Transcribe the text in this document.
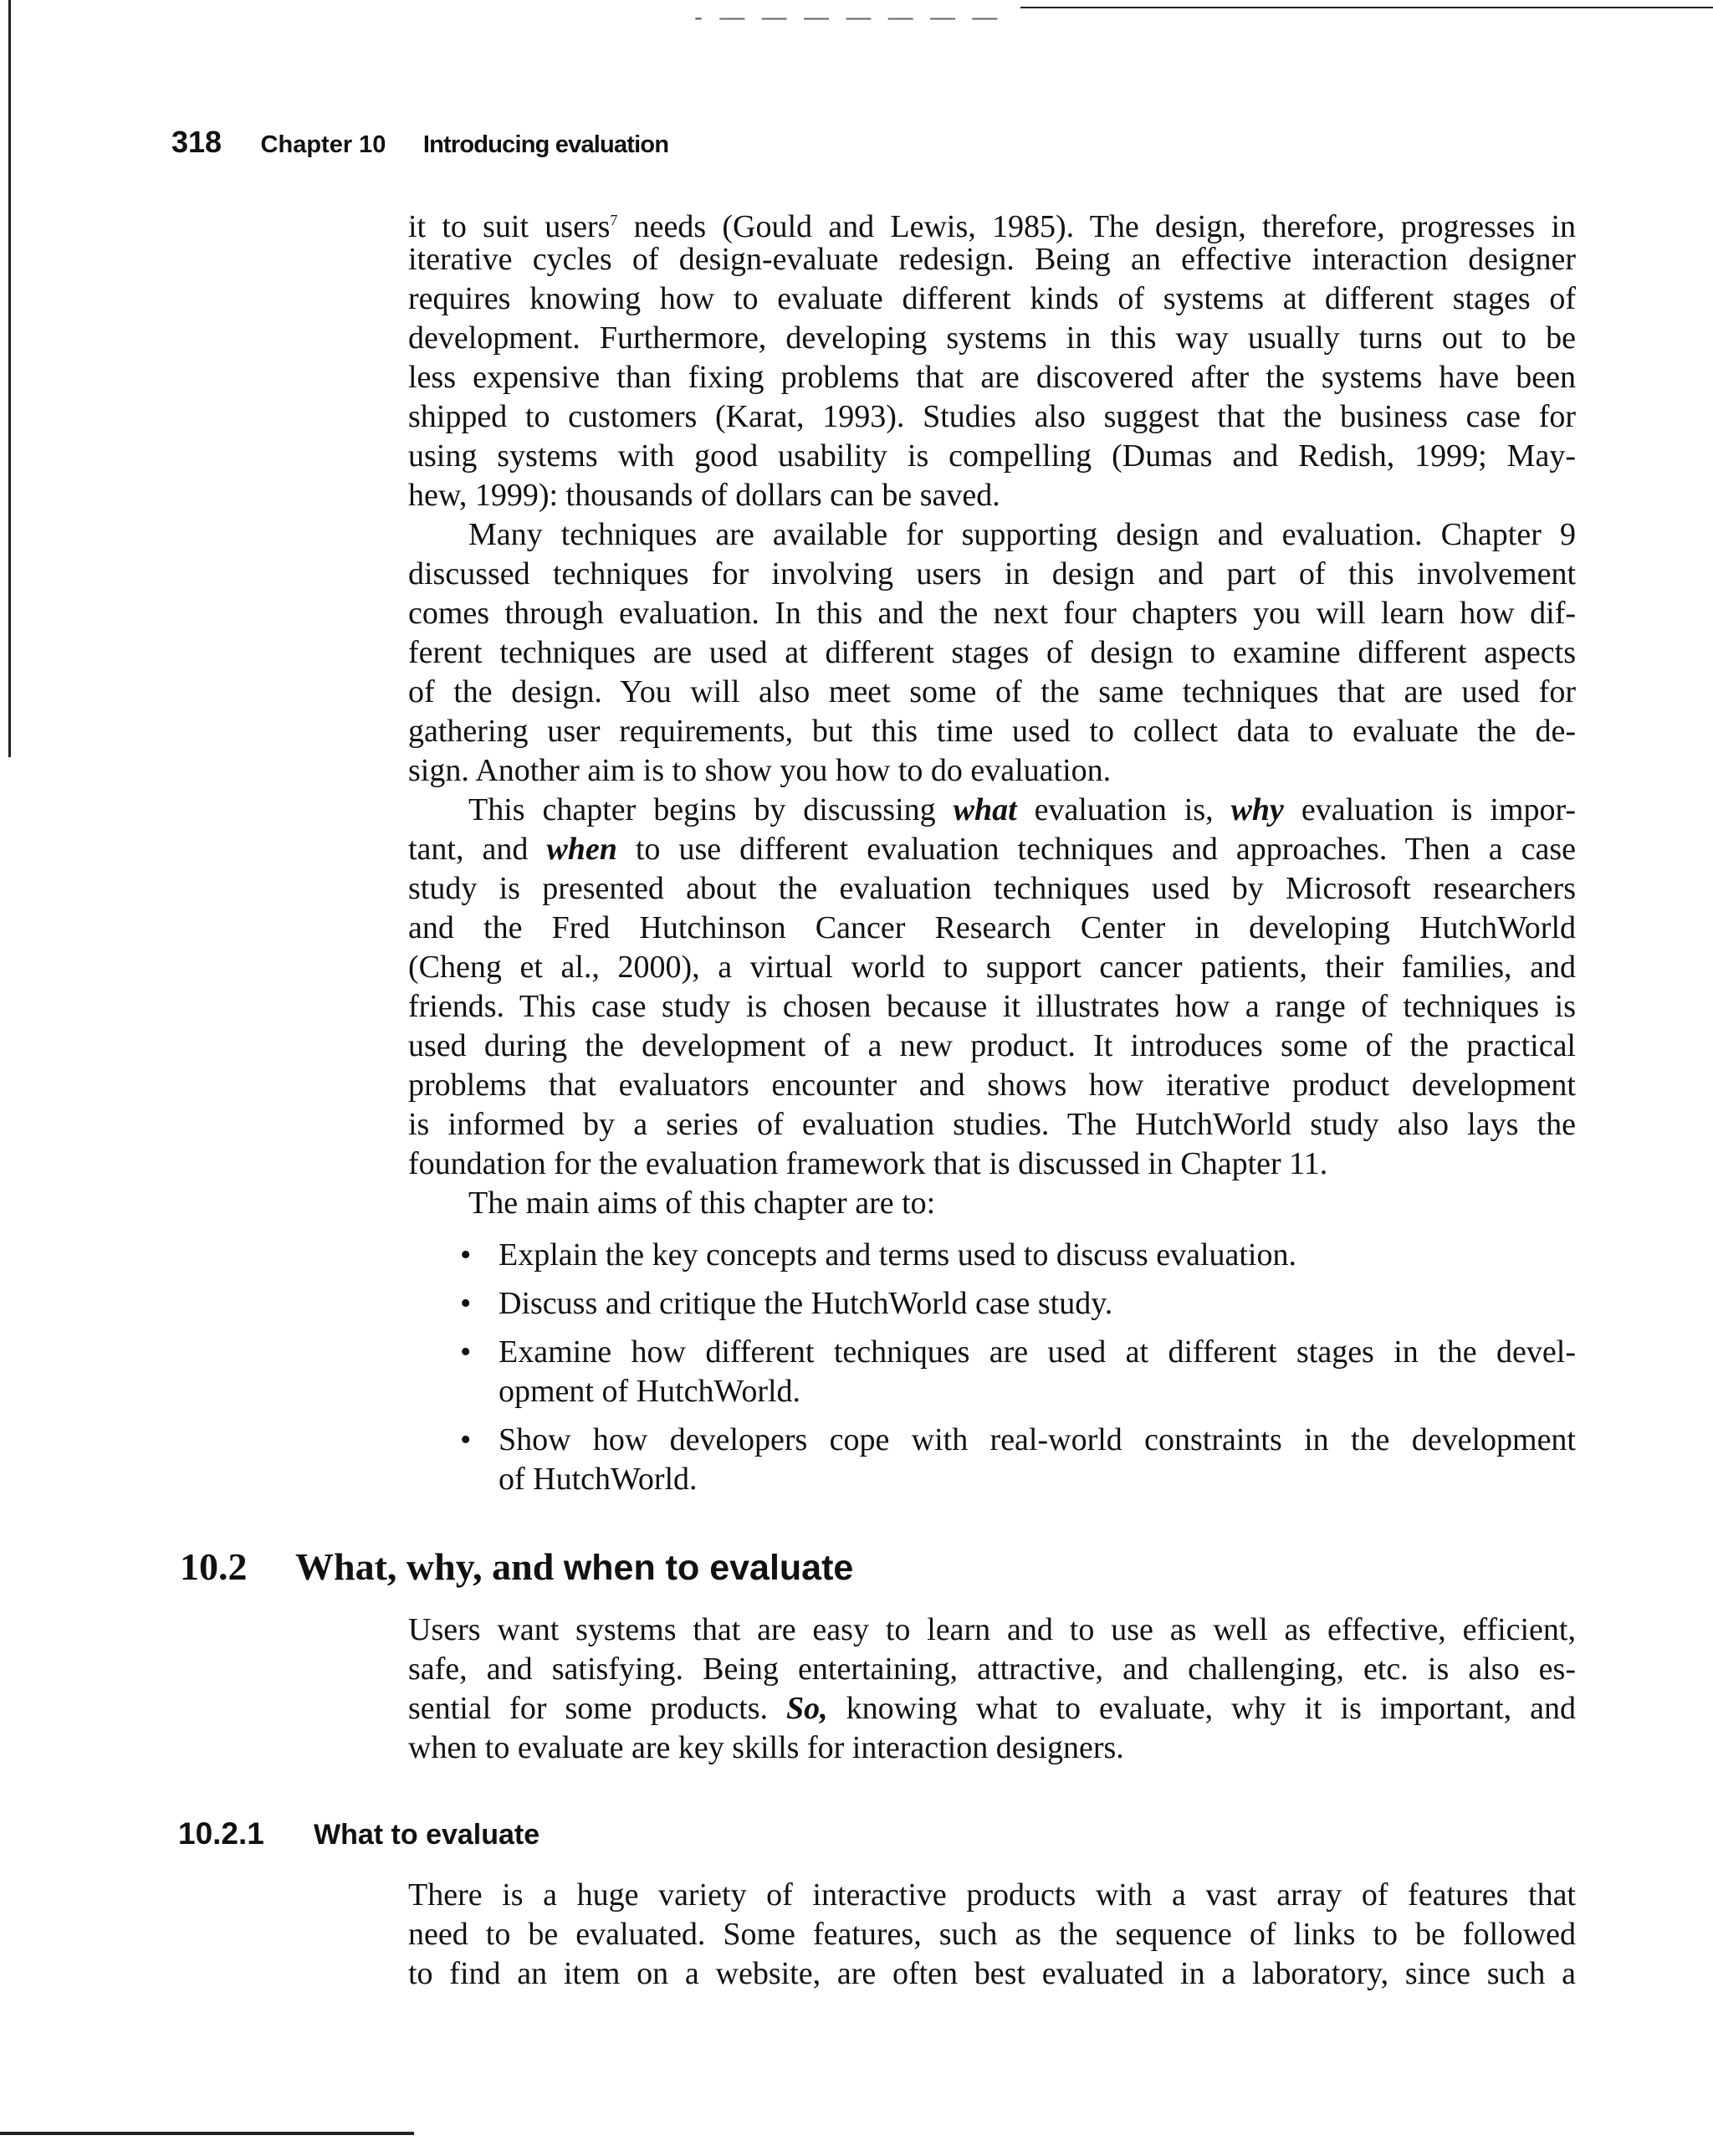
- — — — — — — —
318 Chapter 10 Introducing evaluation
it to suit users$^7$ needs (Gould and Lewis, 1985). The design, therefore, progresses in
iterative cycles of design-evaluate redesign. Being an effective interaction designer
requires knowing how to evaluate different kinds of systems at different stages of
development. Furthermore, developing systems in this way usually turns out to be
less expensive than fixing problems that are discovered after the systems have been
shipped to customers (Karat, 1993). Studies also suggest that the business case for
using systems with good usability is compelling (Dumas and Redish, 1999; May-
hew, 1999): thousands of dollars can be saved.
Many techniques are available for supporting design and evaluation. Chapter 9
discussed techniques for involving users in design and part of this involvement
comes through evaluation. In this and the next four chapters you will learn how dif-
ferent techniques are used at different stages of design to examine different aspects
of the design. You will also meet some of the same techniques that are used for
gathering user requirements, but this time used to collect data to evaluate the de-
sign. Another aim is to show you how to do evaluation.
This chapter begins by discussing what evaluation is, why evaluation is impor-
tant, and when to use different evaluation techniques and approaches. Then a case
study is presented about the evaluation techniques used by Microsoft researchers
and the Fred Hutchinson Cancer Research Center in developing HutchWorld
(Cheng et al., 2000), a virtual world to support cancer patients, their families, and
friends. This case study is chosen because it illustrates how a range of techniques is
used during the development of a new product. It introduces some of the practical
problems that evaluators encounter and shows how iterative product development
is informed by a series of evaluation studies. The HutchWorld study also lays the
foundation for the evaluation framework that is discussed in Chapter 11.
The main aims of this chapter are to:
• Explain the key concepts and terms used to discuss evaluation.
• Discuss and critique the HutchWorld case study.
• Examine how different techniques are used at different stages in the devel-
opment of HutchWorld.
• Show how developers cope with real-world constraints in the development
of HutchWorld.
10.2 What, why, and when to evaluate
Users want systems that are easy to learn and to use as well as effective, efficient,
safe, and satisfying. Being entertaining, attractive, and challenging, etc. is also es-
sential for some products. So, knowing what to evaluate, why it is important, and
when to evaluate are key skills for interaction designers.
10.2.1 What to evaluate
There is a huge variety of interactive products with a vast array of features that
need to be evaluated. Some features, such as the sequence of links to be followed
to find an item on a website, are often best evaluated in a laboratory, since such a
